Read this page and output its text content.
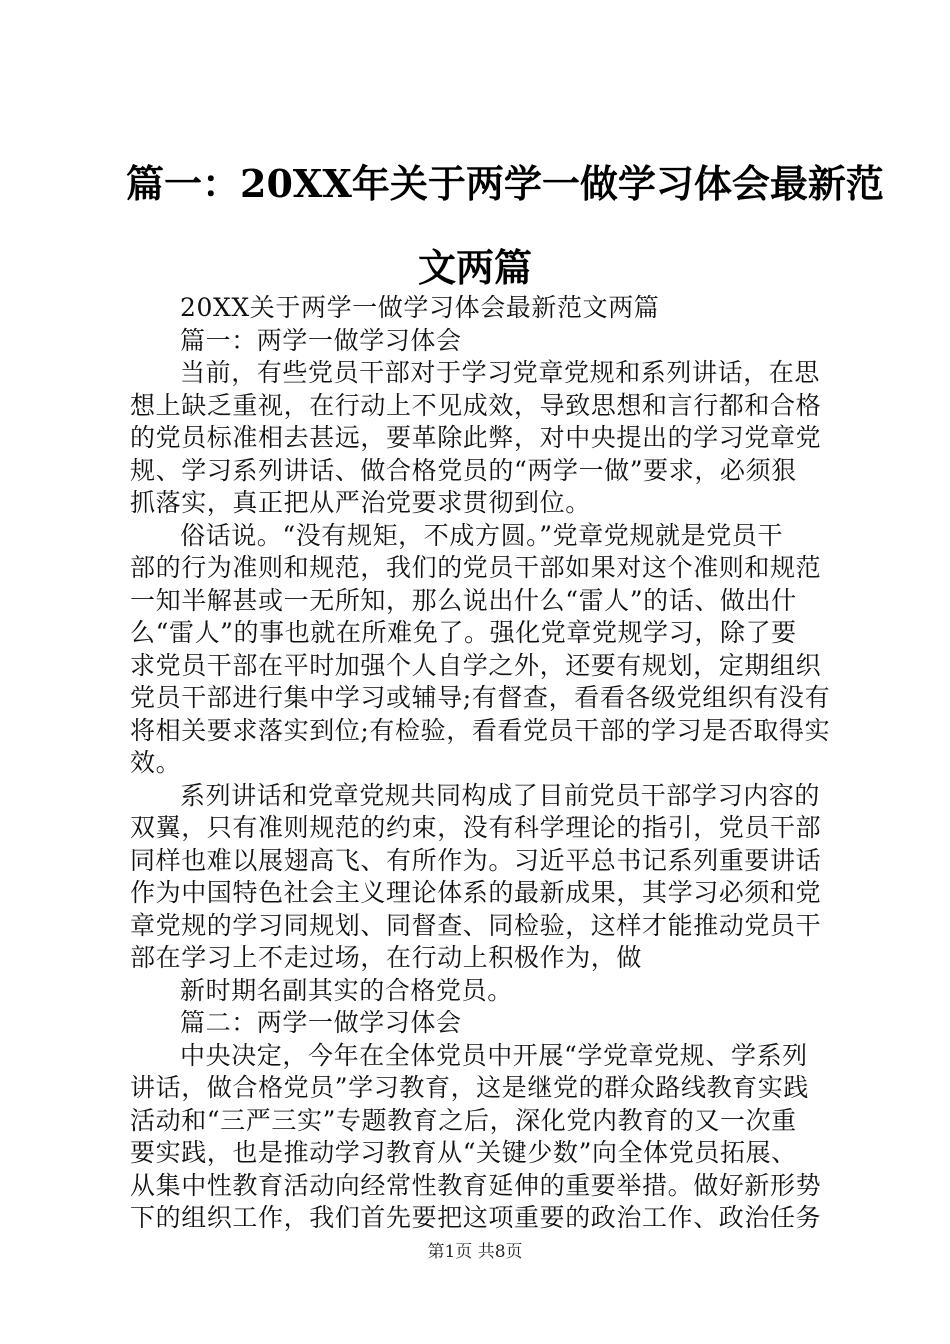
篇一：20XX年关于两学一做学习体会最新范
文两篇
20XX关于两学一做学习体会最新范文两篇
篇一：两学一做学习体会
当前，有些党员干部对于学习党章党规和系列讲话，在思
想上缺乏重视，在行动上不见成效，导致思想和言行都和合格
的党员标准相去甚远，要革除此弊，对中央提出的学习党章党
规、学习系列讲话、做合格党员的“两学一做”要求，必须狠
抓落实，真正把从严治党要求贯彻到位。
俗话说。“没有规矩，不成方圆。”党章党规就是党员干
部的行为准则和规范，我们的党员干部如果对这个准则和规范
一知半解甚或一无所知，那么说出什么“雷人”的话、做出什
么“雷人”的事也就在所难免了。强化党章党规学习，除了要
求党员干部在平时加强个人自学之外，还要有规划，定期组织
党员干部进行集中学习或辅导;有督查，看看各级党组织有没有
将相关要求落实到位;有检验，看看党员干部的学习是否取得实
效。
系列讲话和党章党规共同构成了目前党员干部学习内容的
双翼，只有准则规范的约束，没有科学理论的指引，党员干部
同样也难以展翅高飞、有所作为。习近平总书记系列重要讲话
作为中国特色社会主义理论体系的最新成果，其学习必须和党
章党规的学习同规划、同督查、同检验，这样才能推动党员干
部在学习上不走过场，在行动上积极作为，做
新时期名副其实的合格党员。
篇二：两学一做学习体会
中央决定，今年在全体党员中开展“学党章党规、学系列
讲话，做合格党员”学习教育，这是继党的群众路线教育实践
活动和“三严三实”专题教育之后，深化党内教育的又一次重
要实践，也是推动学习教育从“关键少数”向全体党员拓展、
从集中性教育活动向经常性教育延伸的重要举措。做好新形势
下的组织工作，我们首先要把这项重要的政治工作、政治任务
第1页 共8页
